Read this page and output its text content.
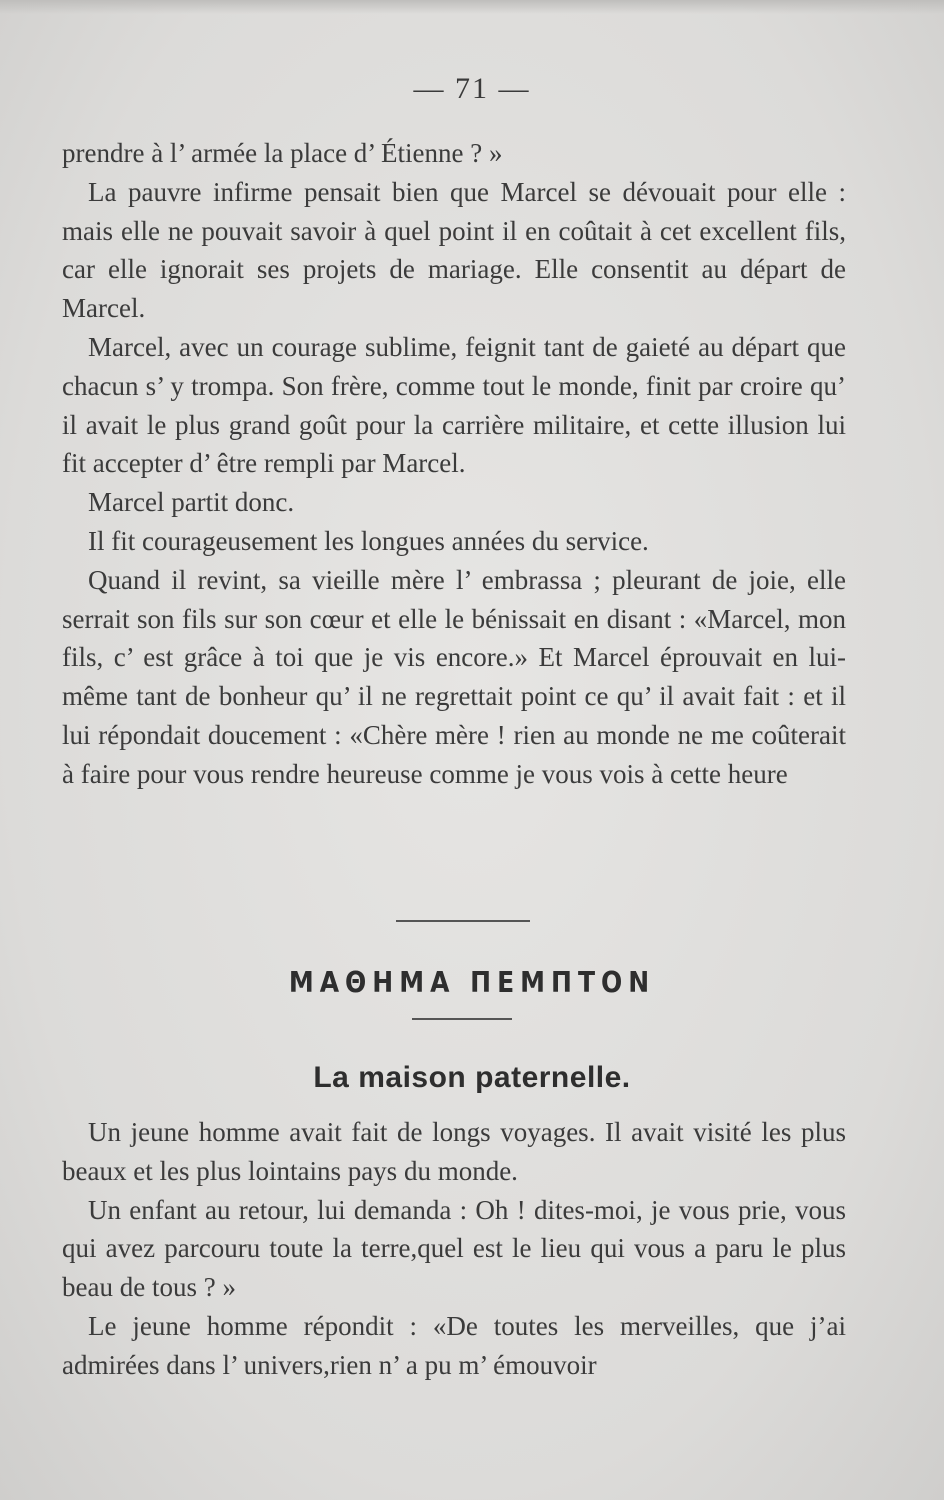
— 71 —

prendre à l’ armée la place d’ Étienne ? »

La pauvre infirme pensait bien que Marcel se dévouait pour elle : mais elle ne pouvait savoir à quel point il en coûtait à cet excellent fils, car elle ignorait ses projets de mariage. Elle consentit au départ de Marcel.

Marcel, avec un courage sublime, feignit tant de gaieté au départ que chacun s’ y trompa. Son frère, comme tout le monde, finit par croire qu’ il avait le plus grand goût pour la carrière militaire, et cette illusion lui fit accepter d’ être rempli par Marcel.

Marcel partit donc.

Il fit courageusement les longues années du service.

Quand il revint, sa vieille mère l’ embrassa ; pleurant de joie, elle serrait son fils sur son cœur et elle le bénissait en disant : «Marcel, mon fils, c’ est grâce à toi que je vis encore.» Et Marcel éprouvait en lui-même tant de bonheur qu’ il ne regrettait point ce qu’ il avait fait : et il lui répondait doucement : «Chère mère ! rien au monde ne me coûterait à faire pour vous rendre heureuse comme je vous vois à cette heure

ΜΑΘΗΜΑ ΠΕΜΠΤΟΝ
La maison paternelle.

Un jeune homme avait fait de longs voyages. Il avait visité les plus beaux et les plus lointains pays du monde.

Un enfant au retour, lui demanda : Oh ! dites-moi, je vous prie, vous qui avez parcouru toute la terre,quel est le lieu qui vous a paru le plus beau de tous ? »

Le jeune homme répondit : «De toutes les merveilles, que j’ai admirées dans l’ univers,rien n’ a pu m’ émouvoir
